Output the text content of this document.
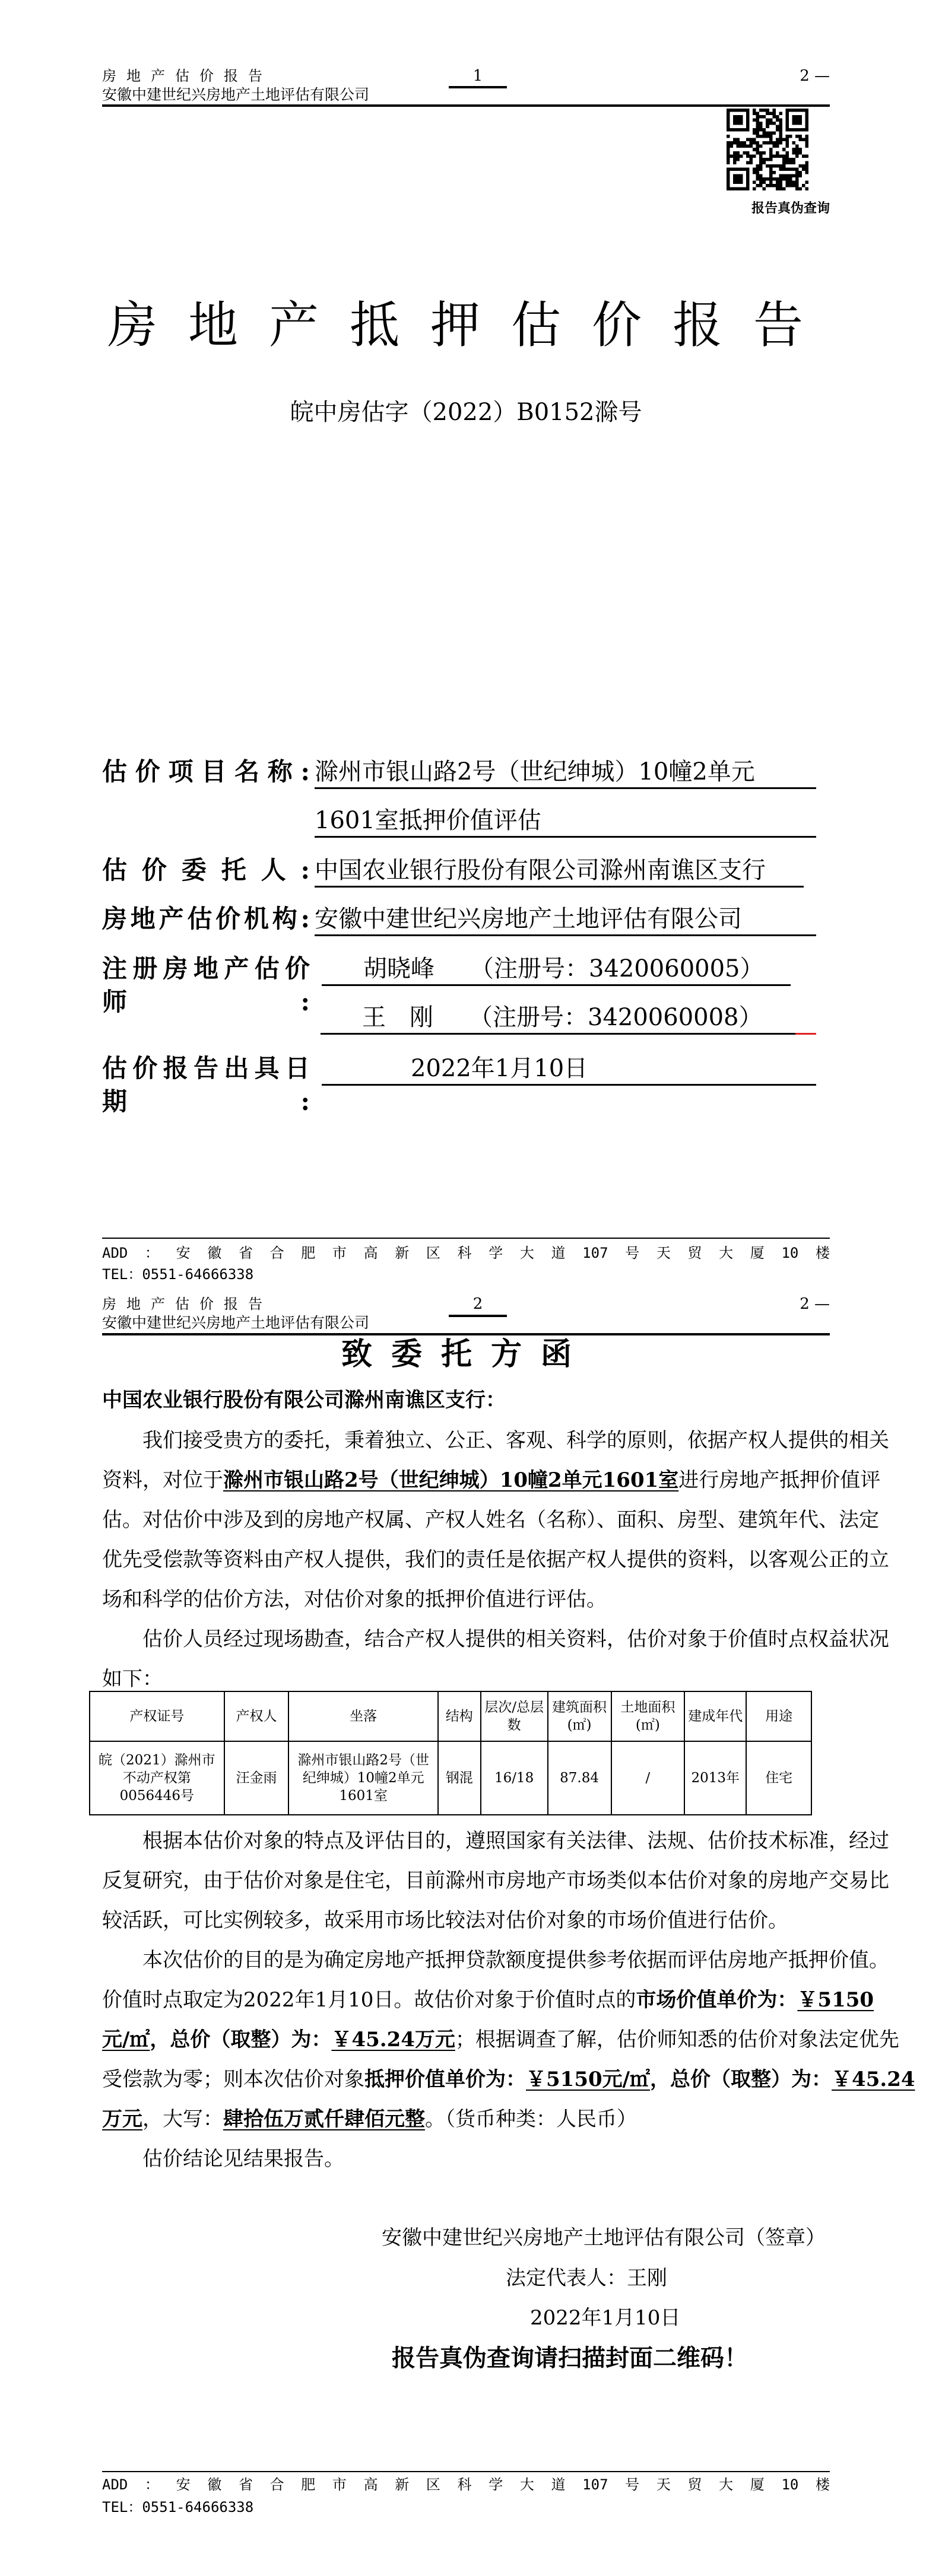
房地产估价报告
安徽中建世纪兴房地产土地评估有限公司
1	2 —
报告真伪查询
房地产抵押估价报告
皖中房估字（2022）B0152滁号
估价项目名称: 滁州市银山路2号（世纪绅城）10幢2单元
1601室抵押价值评估
估价委托人: 中国农业银行股份有限公司滁州南谯区支行
房地产估价机构: 安徽中建世纪兴房地产土地评估有限公司
注册房地产估价师:
胡晓峰　　（注册号：3420060005）
王　刚　　（注册号：3420060008）
估价报告出具日期:
2022年1月10日
ADD：安徽省合肥市高新区科学大道107号天贸大厦10楼
TEL：0551-64666338
房地产估价报告
安徽中建世纪兴房地产土地评估有限公司
2	2 —
致委托方函
中国农业银行股份有限公司滁州南谯区支行：
我们接受贵方的委托，秉着独立、公正、客观、科学的原则，依据产权人提供的相关
资料，对位于滁州市银山路2号（世纪绅城）10幢2单元1601室进行房地产抵押价值评
估。对估价中涉及到的房地产权属、产权人姓名（名称）、面积、房型、建筑年代、法定
优先受偿款等资料由产权人提供，我们的责任是依据产权人提供的资料，以客观公正的立
场和科学的估价方法，对估价对象的抵押价值进行评估。
估价人员经过现场勘查，结合产权人提供的相关资料，估价对象于价值时点权益状况
如下：
产权证号	产权人	坐落	结构	层次/总层数	建筑面积(㎡)	土地面积(㎡)	建成年代	用途
皖（2021）滁州市不动产权第0056446号	汪金雨	滁州市银山路2号（世纪绅城）10幢2单元1601室	钢混	16/18	87.84	/	2013年	住宅
根据本估价对象的特点及评估目的，遵照国家有关法律、法规、估价技术标准，经过
反复研究，由于估价对象是住宅，目前滁州市房地产市场类似本估价对象的房地产交易比
较活跃，可比实例较多，故采用市场比较法对估价对象的市场价值进行估价。
本次估价的目的是为确定房地产抵押贷款额度提供参考依据而评估房地产抵押价值。
价值时点取定为2022年1月10日。故估价对象于价值时点的市场价值单价为：￥5150
元/㎡，总价（取整）为：￥45.24万元；根据调查了解，估价师知悉的估价对象法定优先
受偿款为零；则本次估价对象抵押价值单价为：￥5150元/㎡，总价（取整）为：￥45.24
万元，大写：肆拾伍万贰仟肆佰元整。（货币种类：人民币）
估价结论见结果报告。
安徽中建世纪兴房地产土地评估有限公司（签章）
法定代表人：王刚
2022年1月10日
报告真伪查询请扫描封面二维码！
ADD：安徽省合肥市高新区科学大道107号天贸大厦10楼
TEL：0551-64666338
